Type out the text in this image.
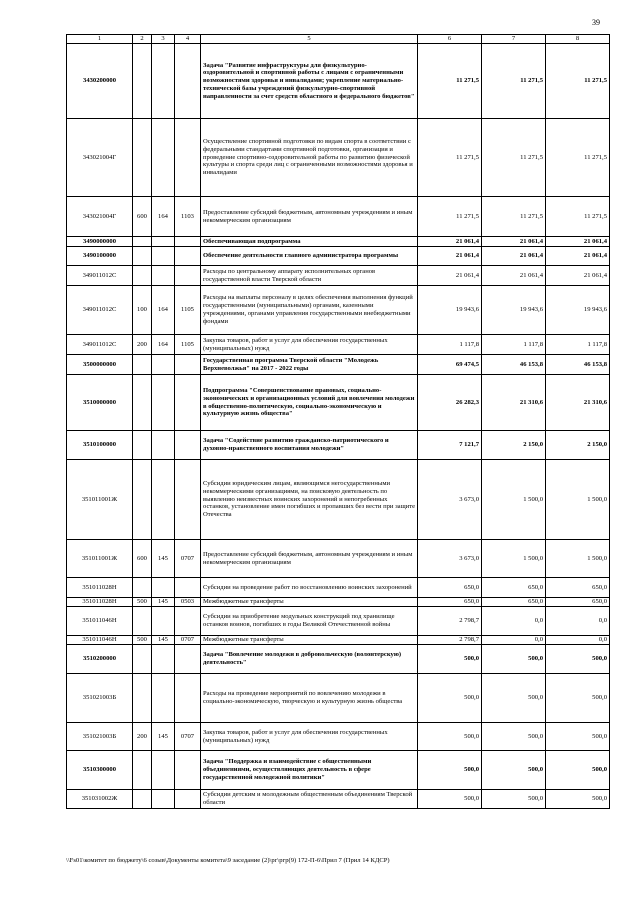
39
1	2	3	4	5	6	7	8
3430200000				Задача "Развитие инфраструктуры для физкультурно-оздоровительной и спортивной работы с лицами с ограниченными возможностями здоровья и инвалидами; укрепление материально-технической базы учреждений физкультурно-спортивной направленности за счет средств областного и федерального бюджетов"	11 271,5	11 271,5	11 271,5
343021004Г				Осуществление спортивной подготовки по видам спорта в соответствии с федеральными стандартами спортивной подготовки, организация и проведение спортивно-оздоровительной работы по развитию физической культуры и спорта среди лиц с ограниченными возможностями здоровья и инвалидами	11 271,5	11 271,5	11 271,5
343021004Г	600	164	1103	Предоставление субсидий бюджетным, автономным учреждениям и иным некоммерческим организациям	11 271,5	11 271,5	11 271,5
3490000000				Обеспечивающая подпрограмма	21 061,4	21 061,4	21 061,4
3490100000				Обеспечение деятельности главного администратора программы	21 061,4	21 061,4	21 061,4
349011012С				Расходы по центральному аппарату исполнительных органов государственной власти Тверской области	21 061,4	21 061,4	21 061,4
349011012С	100	164	1105	Расходы на выплаты персоналу в целях обеспечения выполнения функций государственными (муниципальными) органами, казенными учреждениями, органами управления государственными внебюджетными фондами	19 943,6	19 943,6	19 943,6
349011012С	200	164	1105	Закупка товаров, работ и услуг для обеспечения государственных (муниципальных) нужд	1 117,8	1 117,8	1 117,8
3500000000				Государственная программа Тверской области "Молодежь Верхневолжья" на 2017 - 2022 годы	69 474,5	46 153,8	46 153,8
3510000000				Подпрограмма "Совершенствование правовых, социально-экономических и организационных условий для вовлечения молодежи в общественно-политическую, социально-экономическую и культурную жизнь общества"	26 282,3	21 310,6	21 310,6
3510100000				Задача "Содействие развитию гражданско-патриотического и духовно-нравственного воспитания молодежи"	7 121,7	2 150,0	2 150,0
351011001Ж				Субсидии юридическим лицам, являющимся негосударственными некоммерческими организациями, на поисковую деятельность по выявлению неизвестных воинских захоронений и непогребенных останков, установление имен погибших и пропавших без вести при защите Отечества	3 673,0	1 500,0	1 500,0
351011001Ж	600	145	0707	Предоставление субсидий бюджетным, автономным учреждениям и иным некоммерческим организациям	3 673,0	1 500,0	1 500,0
351011028Н				Субсидии на проведение работ по восстановлению воинских захоронений	650,0	650,0	650,0
351011028Н	500	145	0503	Межбюджетные трансферты	650,0	650,0	650,0
351011046Н				Субсидии на приобретение модульных конструкций под хранилище останков воинов, погибших в годы Великой Отечественной войны	2 798,7	0,0	0,0
351011046Н	500	145	0707	Межбюджетные трансферты	2 798,7	0,0	0,0
3510200000				Задача "Вовлечение молодежи в добровольческую (волонтерскую) деятельность"	500,0	500,0	500,0
351021003Б				Расходы на проведение мероприятий по вовлечению молодежи в социально-экономическую, творческую и культурную жизнь общества	500,0	500,0	500,0
351021003Б	200	145	0707	Закупка товаров, работ и услуг для обеспечения государственных (муниципальных) нужд	500,0	500,0	500,0
3510300000				Задача "Поддержка и взаимодействие с общественными объединениями, осуществляющих деятельность в сфере государственной молодежной политики"	500,0	500,0	500,0
351031002Ж				Субсидии детским и молодежным общественным объединениям Тверской области	500,0	500,0	500,0
\\Fs01\комитет по бюджету\6 созыв\Документы комитета\9 заседание (2)\рг\ргр(9) 172-П-6\Прил 7 (Прил 14 КДСР)
